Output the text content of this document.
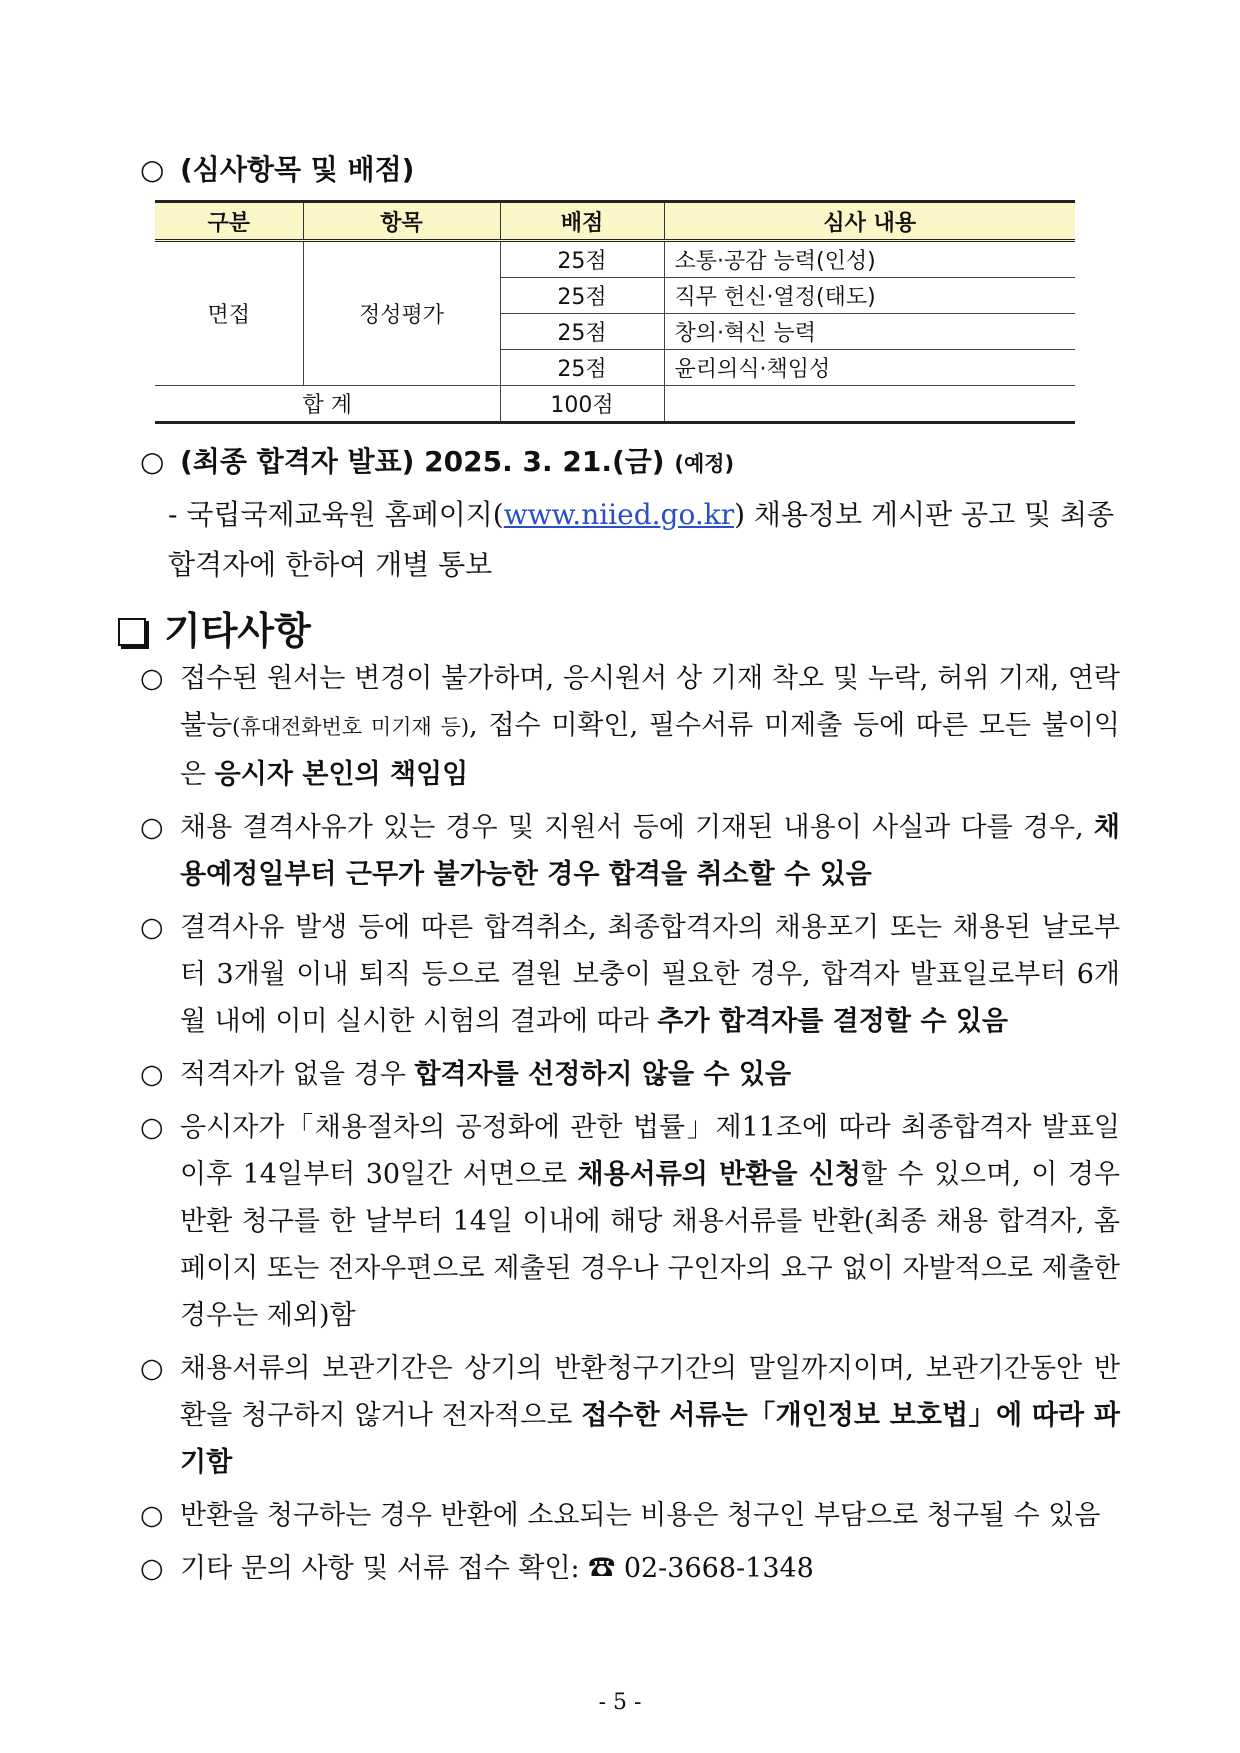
○ (심사항목 및 배점)
구분	항목	배점	심사 내용
면접	정성평가	25점	소통·공감 능력(인성)
		25점	직무 헌신·열정(태도)
		25점	창의·혁신 능력
		25점	윤리의식·책임성
합 계		100점	
○ (최종 합격자 발표) 2025. 3. 21.(금) (예정)
- 국립국제교육원 홈페이지(www.niied.go.kr) 채용정보 게시판 공고 및 최종 합격자에 한하여 개별 통보
기타사항
○ 접수된 원서는 변경이 불가하며, 응시원서 상 기재 착오 및 누락, 허위 기재, 연락 불능(휴대전화번호 미기재 등), 접수 미확인, 필수서류 미제출 등에 따른 모든 불이익은 응시자 본인의 책임임
○ 채용 결격사유가 있는 경우 및 지원서 등에 기재된 내용이 사실과 다를 경우, 채용예정일부터 근무가 불가능한 경우 합격을 취소할 수 있음
○ 결격사유 발생 등에 따른 합격취소, 최종합격자의 채용포기 또는 채용된 날로부터 3개월 이내 퇴직 등으로 결원 보충이 필요한 경우, 합격자 발표일로부터 6개월 내에 이미 실시한 시험의 결과에 따라 추가 합격자를 결정할 수 있음
○ 적격자가 없을 경우 합격자를 선정하지 않을 수 있음
○ 응시자가「채용절차의 공정화에 관한 법률」제11조에 따라 최종합격자 발표일 이후 14일부터 30일간 서면으로 채용서류의 반환을 신청할 수 있으며, 이 경우 반환 청구를 한 날부터 14일 이내에 해당 채용서류를 반환(최종 채용 합격자, 홈페이지 또는 전자우편으로 제출된 경우나 구인자의 요구 없이 자발적으로 제출한 경우는 제외)함
○ 채용서류의 보관기간은 상기의 반환청구기간의 말일까지이며, 보관기간동안 반환을 청구하지 않거나 전자적으로 접수한 서류는「개인정보 보호법」에 따라 파기함
○ 반환을 청구하는 경우 반환에 소요되는 비용은 청구인 부담으로 청구될 수 있음
○ 기타 문의 사항 및 서류 접수 확인: ☎ 02-3668-1348
- 5 -
